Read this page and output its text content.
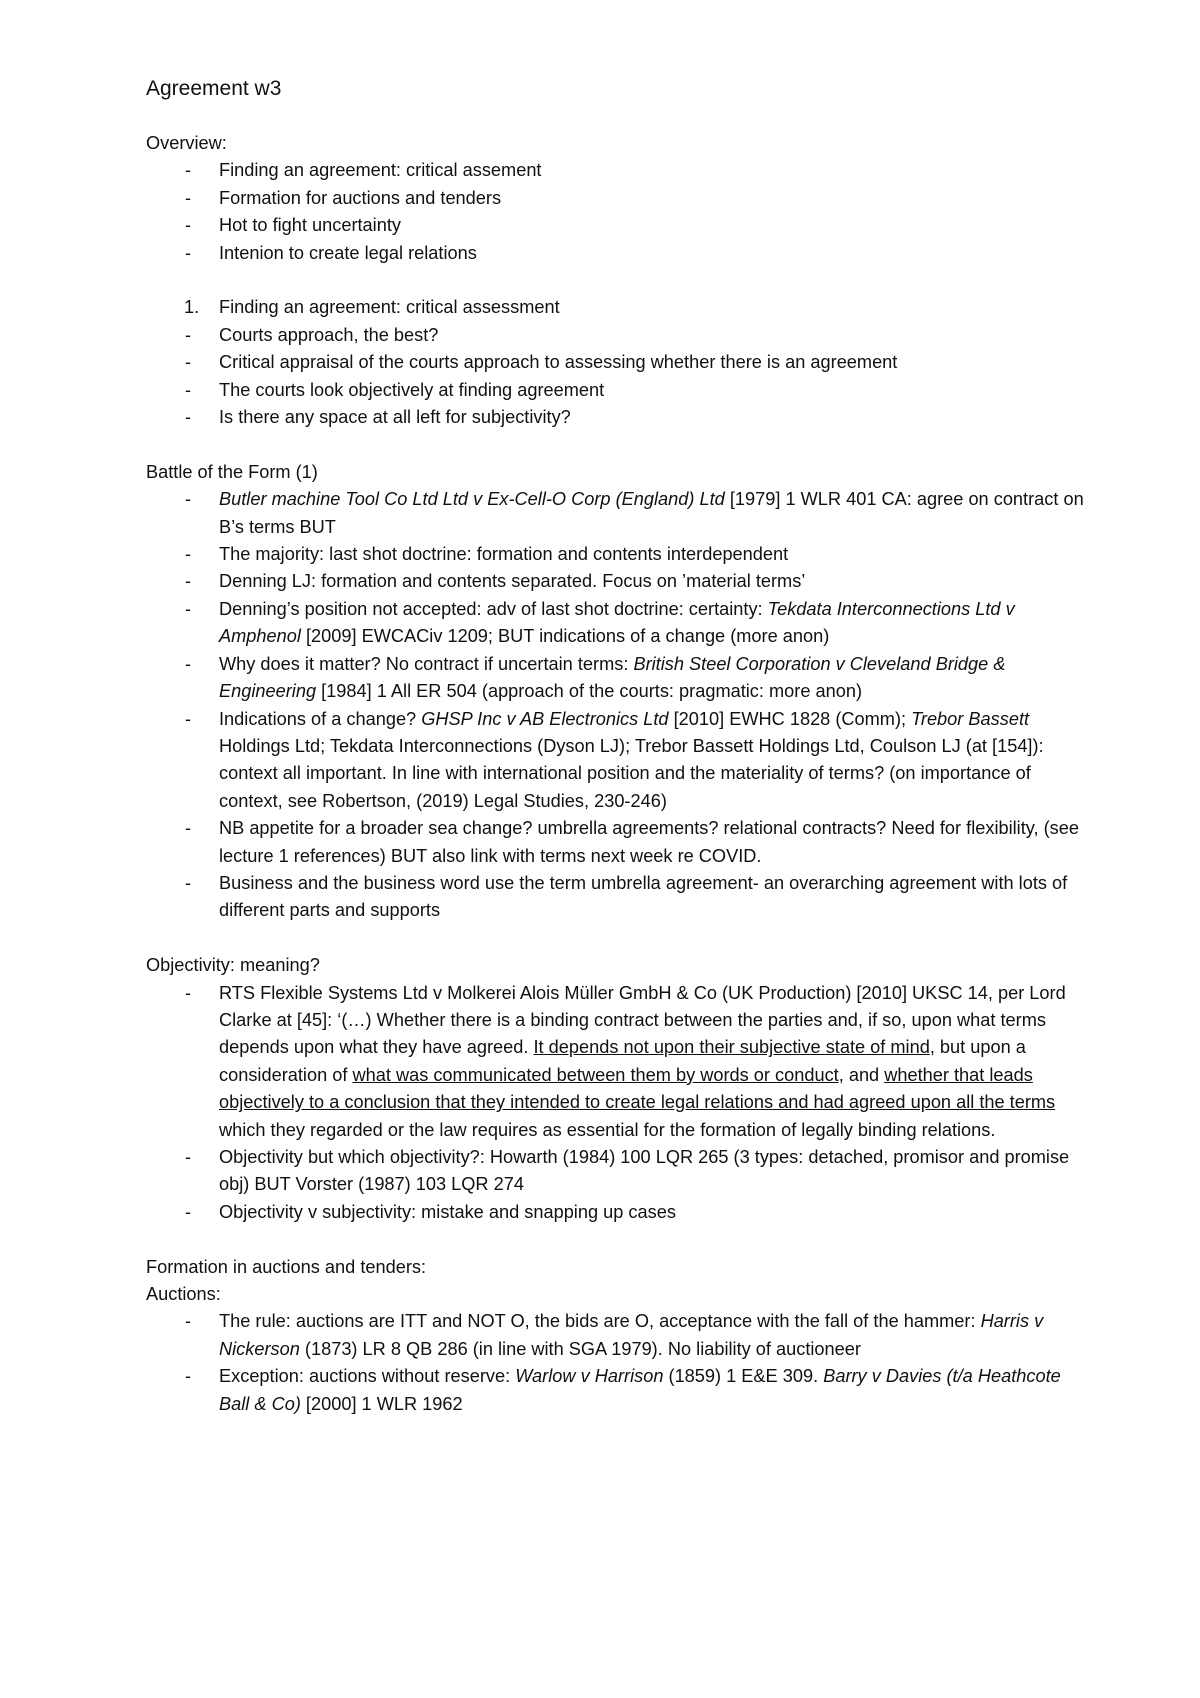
Agreement w3
Overview:
- Finding an agreement: critical assement
- Formation for auctions and tenders
- Hot to fight uncertainty
- Intenion to create legal relations
1. Finding an agreement: critical assessment
- Courts approach, the best?
- Critical appraisal of the courts approach to assessing whether there is an agreement
- The courts look objectively at finding agreement
- Is there any space at all left for subjectivity?
Battle of the Form (1)
- Butler machine Tool Co Ltd Ltd v Ex-Cell-O Corp (England) Ltd [1979] 1 WLR 401 CA: agree on contract on B’s terms BUT
- The majority: last shot doctrine: formation and contents interdependent
- Denning LJ: formation and contents separated. Focus on ’material terms’
- Denning’s position not accepted: adv of last shot doctrine: certainty: Tekdata Interconnections Ltd v Amphenol [2009] EWCACiv 1209; BUT indications of a change (more anon)
- Why does it matter? No contract if uncertain terms: British Steel Corporation v Cleveland Bridge & Engineering [1984] 1 All ER 504 (approach of the courts: pragmatic: more anon)
- Indications of a change? GHSP Inc v AB Electronics Ltd [2010] EWHC 1828 (Comm); Trebor Bassett Holdings Ltd; Tekdata Interconnections (Dyson LJ); Trebor Bassett Holdings Ltd, Coulson LJ (at [154]): context all important. In line with international position and the materiality of terms? (on importance of context, see Robertson, (2019) Legal Studies, 230-246)
- NB appetite for a broader sea change? umbrella agreements? relational contracts? Need for flexibility, (see lecture 1 references) BUT also link with terms next week re COVID.
- Business and the business word use the term umbrella agreement- an overarching agreement with lots of different parts and supports
Objectivity: meaning?
- RTS Flexible Systems Ltd v Molkerei Alois Müller GmbH & Co (UK Production) [2010] UKSC 14, per Lord Clarke at [45]: ‘(…) Whether there is a binding contract between the parties and, if so, upon what terms depends upon what they have agreed. It depends not upon their subjective state of mind, but upon a consideration of what was communicated between them by words or conduct, and whether that leads objectively to a conclusion that they intended to create legal relations and had agreed upon all the terms which they regarded or the law requires as essential for the formation of legally binding relations.
- Objectivity but which objectivity?: Howarth (1984) 100 LQR 265 (3 types: detached, promisor and promise obj) BUT Vorster (1987) 103 LQR 274
- Objectivity v subjectivity: mistake and snapping up cases
Formation in auctions and tenders:
Auctions:
- The rule: auctions are ITT and NOT O, the bids are O, acceptance with the fall of the hammer: Harris v Nickerson (1873) LR 8 QB 286 (in line with SGA 1979). No liability of auctioneer
- Exception: auctions without reserve: Warlow v Harrison (1859) 1 E&E 309. Barry v Davies (t/a Heathcote Ball & Co) [2000] 1 WLR 1962
